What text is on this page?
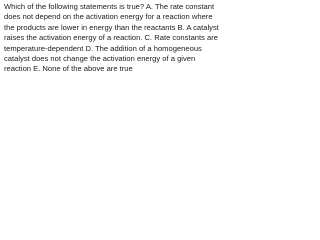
Which of the following statements is true? A. The rate constant
does not depend on the activation energy for a reaction where
the products are lower in energy than the reactants B. A catalyst
raises the activation energy of a reaction. C. Rate constants are
temperature-dependent D. The addition of a homogeneous
catalyst does not change the activation energy of a given
reaction E. None of the above are true
